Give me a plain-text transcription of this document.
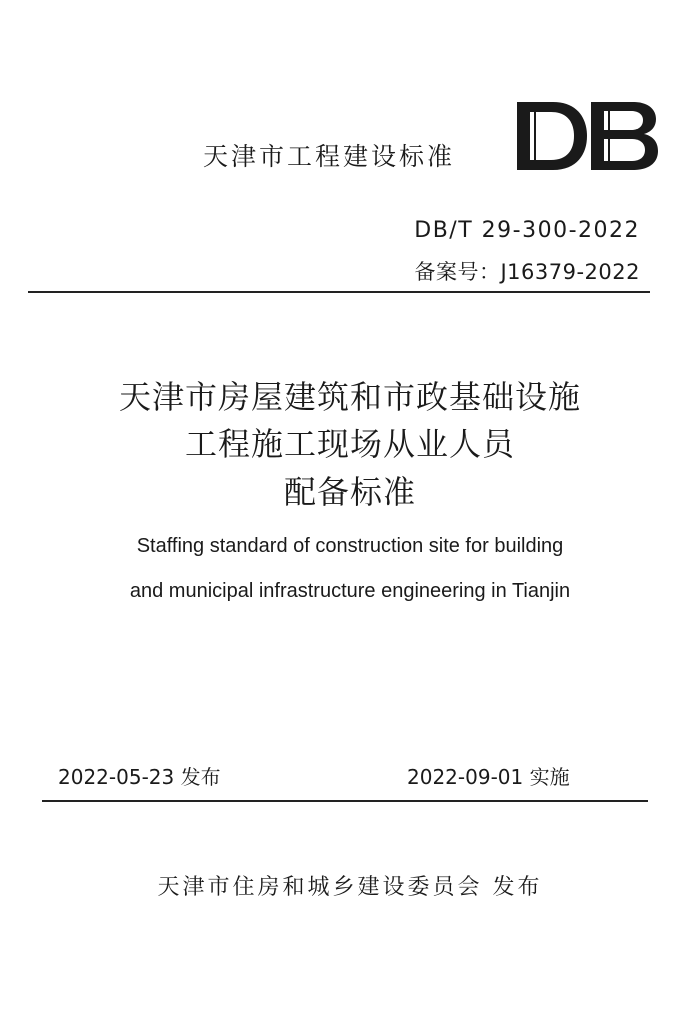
天津市工程建设标准
DB/T 29-300-2022
备案号：J16379-2022
天津市房屋建筑和市政基础设施
工程施工现场从业人员
配备标准
Staffing standard of construction site for building
and municipal infrastructure engineering in Tianjin
2022-05-23 发布	2022-09-01 实施
天津市住房和城乡建设委员会 发布
